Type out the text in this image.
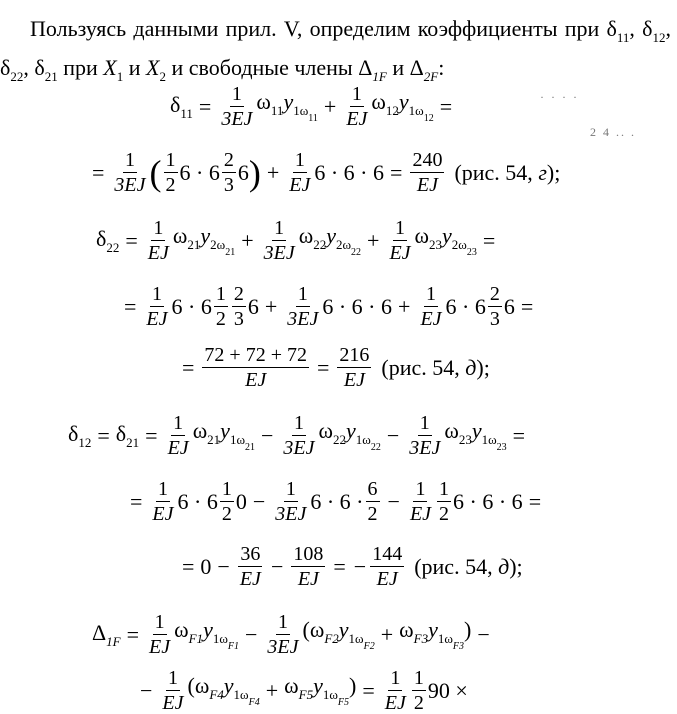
Пользуясь данными прил. V, определим коэффициенты при $\delta_{11}$, $\delta_{12}$, $\delta_{22}$, $\delta_{21}$ при $X_1$ и $X_2$ и свободные члены $\Delta_{1F}$ и $\Delta_{2F}$:
$\delta_{11} = \frac{1}{3EJ} \omega_{11}y_{1\omega_{11}} + \frac{1}{EJ} \omega_{12}y_{1\omega_{12}}$ =	· · · ·
2 4 .. .
= $\frac{1}{3EJ}$ ( $\frac{1}{2} 6 \cdot 6 \frac{2}{3} 6$ ) + $\frac{1}{EJ} 6 \cdot 6 \cdot 6 = \frac{240}{EJ} (рис$. 54, г);
$\delta_{22} = \frac{1}{EJ} \omega_{21}y_{2\omega_{21}} + \frac{1}{3EJ} \omega_{22}y_{2\omega_{22}} + \frac{1}{EJ} \omega_{23}y_{2\omega_{23}}$ =
= $\frac{1}{EJ} 6 \cdot 6 \frac{1}{2} \frac{2}{3} 6 + \frac{1}{3EJ} 6 \cdot 6 \cdot 6 + \frac{1}{EJ} 6 \cdot 6 \frac{2}{3} 6$ =
= $\frac{72 + 72 + 72}{EJ} = \frac{216}{EJ} (рис$. 54, д);
$\delta_{12} = \delta_{21} = \frac{1}{EJ} \omega_{21}y_{1\omega_{21}} - \frac{1}{3EJ} \omega_{22}y_{1\omega_{22}} - \frac{1}{3EJ} \omega_{23}y_{1\omega_{23}}$ =
= $\frac{1}{EJ} 6 \cdot 6 \frac{1}{2} 0 - \frac{1}{3EJ} 6 \cdot 6 \cdot \frac{6}{2} - \frac{1}{EJ} \frac{1}{2} 6 \cdot 6 \cdot 6$ =
= $0 - \frac{36}{EJ} - \frac{108}{EJ}$ = − $\frac{144}{EJ} (рис$. 54, д);
$\Delta_{1F} = \frac{1}{EJ} \omega_{F1}y_{1\omega_{F1}} - \frac{1}{3EJ} (\omega_{F2}y_{1\omega_{F2}} + \omega_{F3}y_{1\omega_{F3}})$ −
− $\frac{1}{EJ} (\omega_{F4}y_{1\omega_{F4}} + \omega_{F5}y_{1\omega_{F5}}) = \frac{1}{EJ} \frac{1}{2} 90$ ×
